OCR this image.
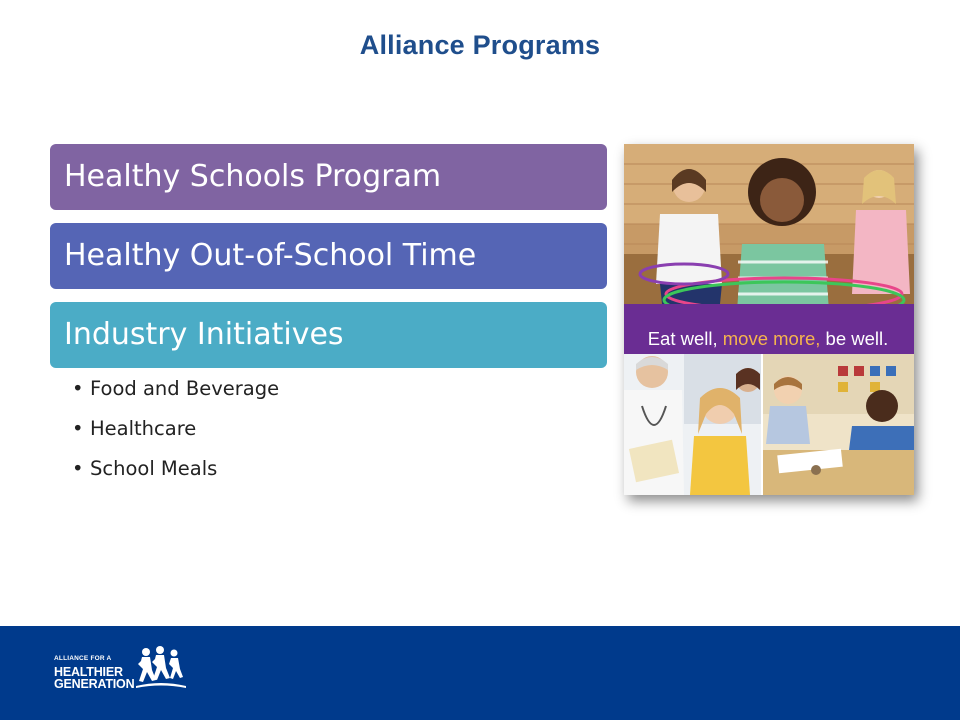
Alliance Programs
Healthy Schools Program
Healthy Out-of-School Time
Industry Initiatives
• Food and Beverage
• Healthcare
• School Meals
Eat well, move more, be well.
ALLIANCE FOR A
HEALTHIER
GENERATION
